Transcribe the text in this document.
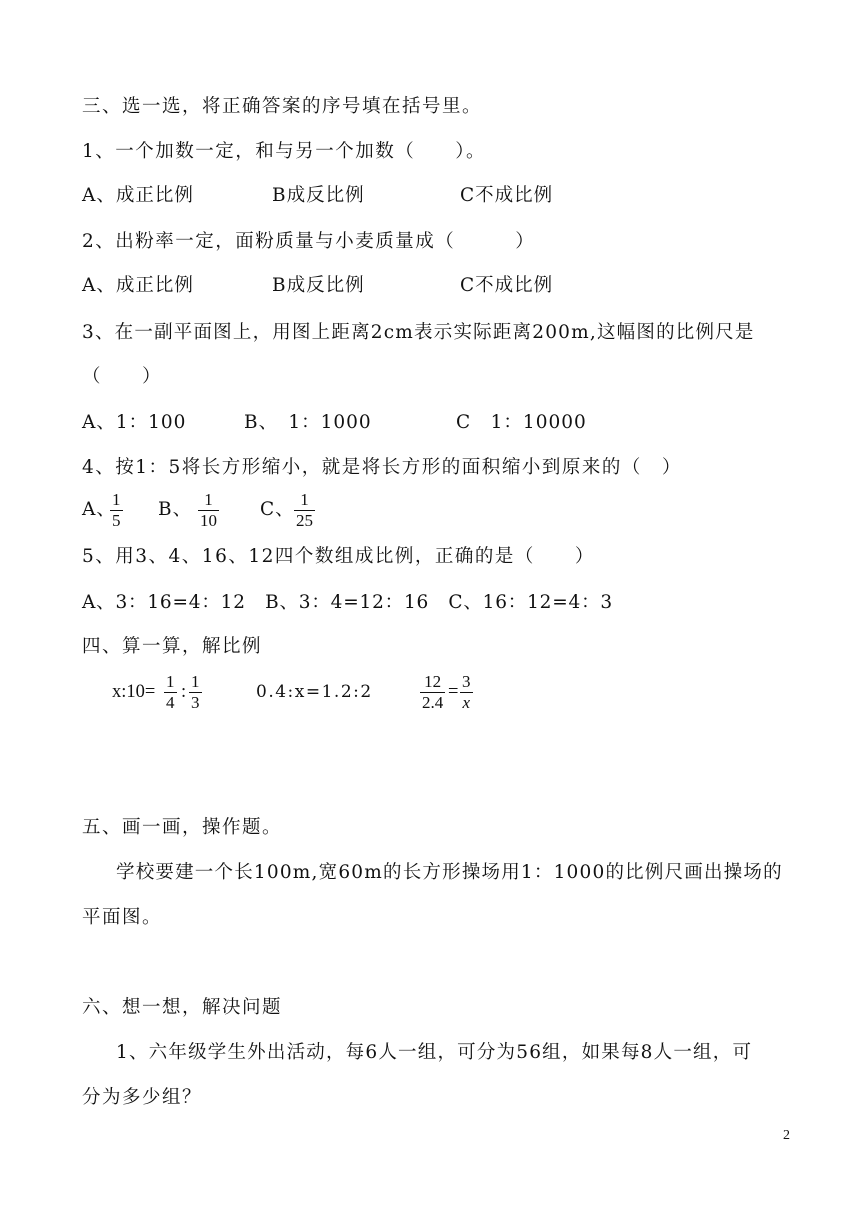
三、选一选，将正确答案的序号填在括号里。
1、一个加数一定，和与另一个加数（　　）。
A、成正比例	B成反比例	C不成比例
2、出粉率一定，面粉质量与小麦质量成（　　　）
A、成正比例	B成反比例	C不成比例
3、在一副平面图上，用图上距离2cm表示实际距离200m,这幅图的比例尺是
（　　）
A、1：100	B、　1：1000	C　1：10000
4、按1：5将长方形缩小，就是将长方形的面积缩小到原来的（　）
A、
1
5
B、 1
10
C、 1
25
5、用3、4、16、12四个数组成比例，正确的是（　　）
A、3：16=4：12　B、3：4=12：16　C、16：12=4：3
四、算一算，解比例
x:10=
1
4
:
1
3
0.4:x=1.2:2
12
2.4
=
3
x
五、画一画，操作题。
学校要建一个长100m,宽60m的长方形操场用1：1000的比例尺画出操场的
平面图。
六、想一想，解决问题
1、六年级学生外出活动，每6人一组，可分为56组，如果每8人一组，可
分为多少组？
2
